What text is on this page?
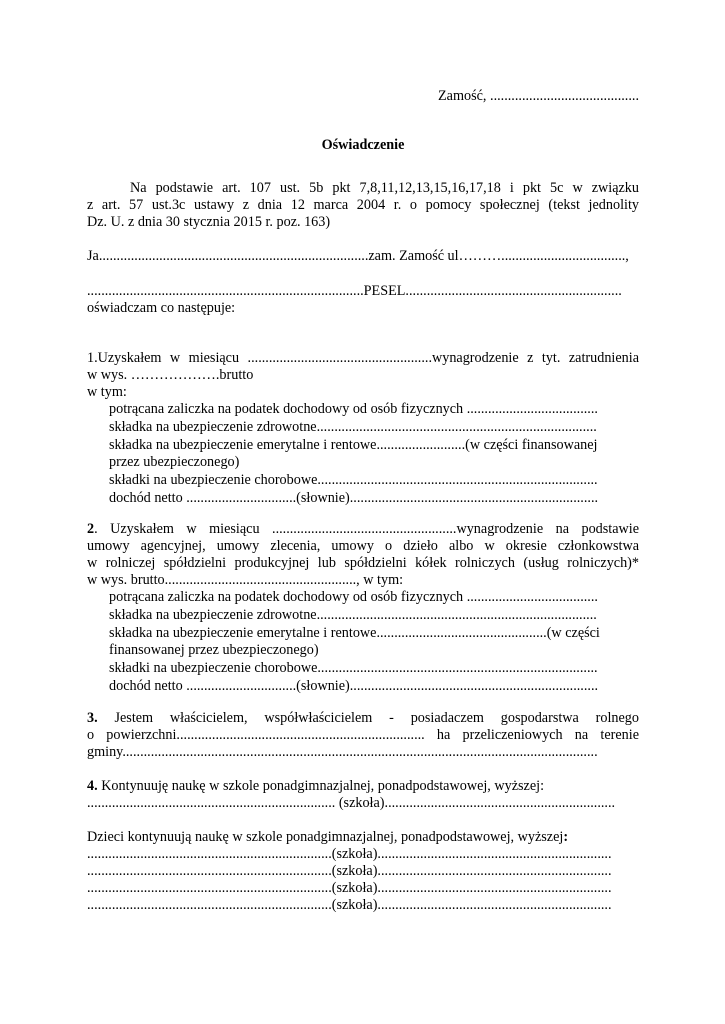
Zamość, ..........................................
Oświadczenie
Na podstawie art. 107 ust. 5b pkt 7,8,11,12,13,15,16,17,18 i pkt 5c w związku
z art. 57 ust.3c ustawy z dnia 12 marca 2004 r. o pomocy społecznej (tekst jednolity
Dz. U. z dnia 30 stycznia 2015 r. poz. 163)
Ja............................................................................zam. Zamość ul………...................................,
..............................................................................PESEL.............................................................
oświadczam co następuje:
1.Uzyskałem w miesiącu ....................................................wynagrodzenie z tyt. zatrudnienia
w wys. ……………….brutto
w tym:
potrącana zaliczka na podatek dochodowy od osób fizycznych .....................................
składka na ubezpieczenie zdrowotne...............................................................................
składka na ubezpieczenie emerytalne i rentowe.........................(w części finansowanej
przez ubezpieczonego)
składki na ubezpieczenie chorobowe...............................................................................
dochód netto ...............................(słownie)......................................................................
2. Uzyskałem w miesiącu ....................................................wynagrodzenie na podstawie
umowy agencyjnej, umowy zlecenia, umowy o dzieło albo w okresie członkowstwa
w rolniczej spółdzielni produkcyjnej lub spółdzielni kółek rolniczych (usług rolniczych)*
w wys. brutto......................................................, w tym:
potrącana zaliczka na podatek dochodowy od osób fizycznych .....................................
składka na ubezpieczenie zdrowotne...............................................................................
składka na ubezpieczenie emerytalne i rentowe................................................(w części
finansowanej przez ubezpieczonego)
składki na ubezpieczenie chorobowe...............................................................................
dochód netto ...............................(słownie)......................................................................
3. Jestem właścicielem, współwłaścicielem - posiadaczem gospodarstwa rolnego
o powierzchni...................................................................... ha przeliczeniowych na terenie
gminy......................................................................................................................................
4. Kontynuuję naukę w szkole ponadgimnazjalnej, ponadpodstawowej, wyższej:
...................................................................... (szkoła).................................................................
Dzieci kontynuują naukę w szkole ponadgimnazjalnej, ponadpodstawowej, wyższej:
.....................................................................(szkoła)..................................................................
.....................................................................(szkoła)..................................................................
.....................................................................(szkoła)..................................................................
.....................................................................(szkoła)..................................................................
